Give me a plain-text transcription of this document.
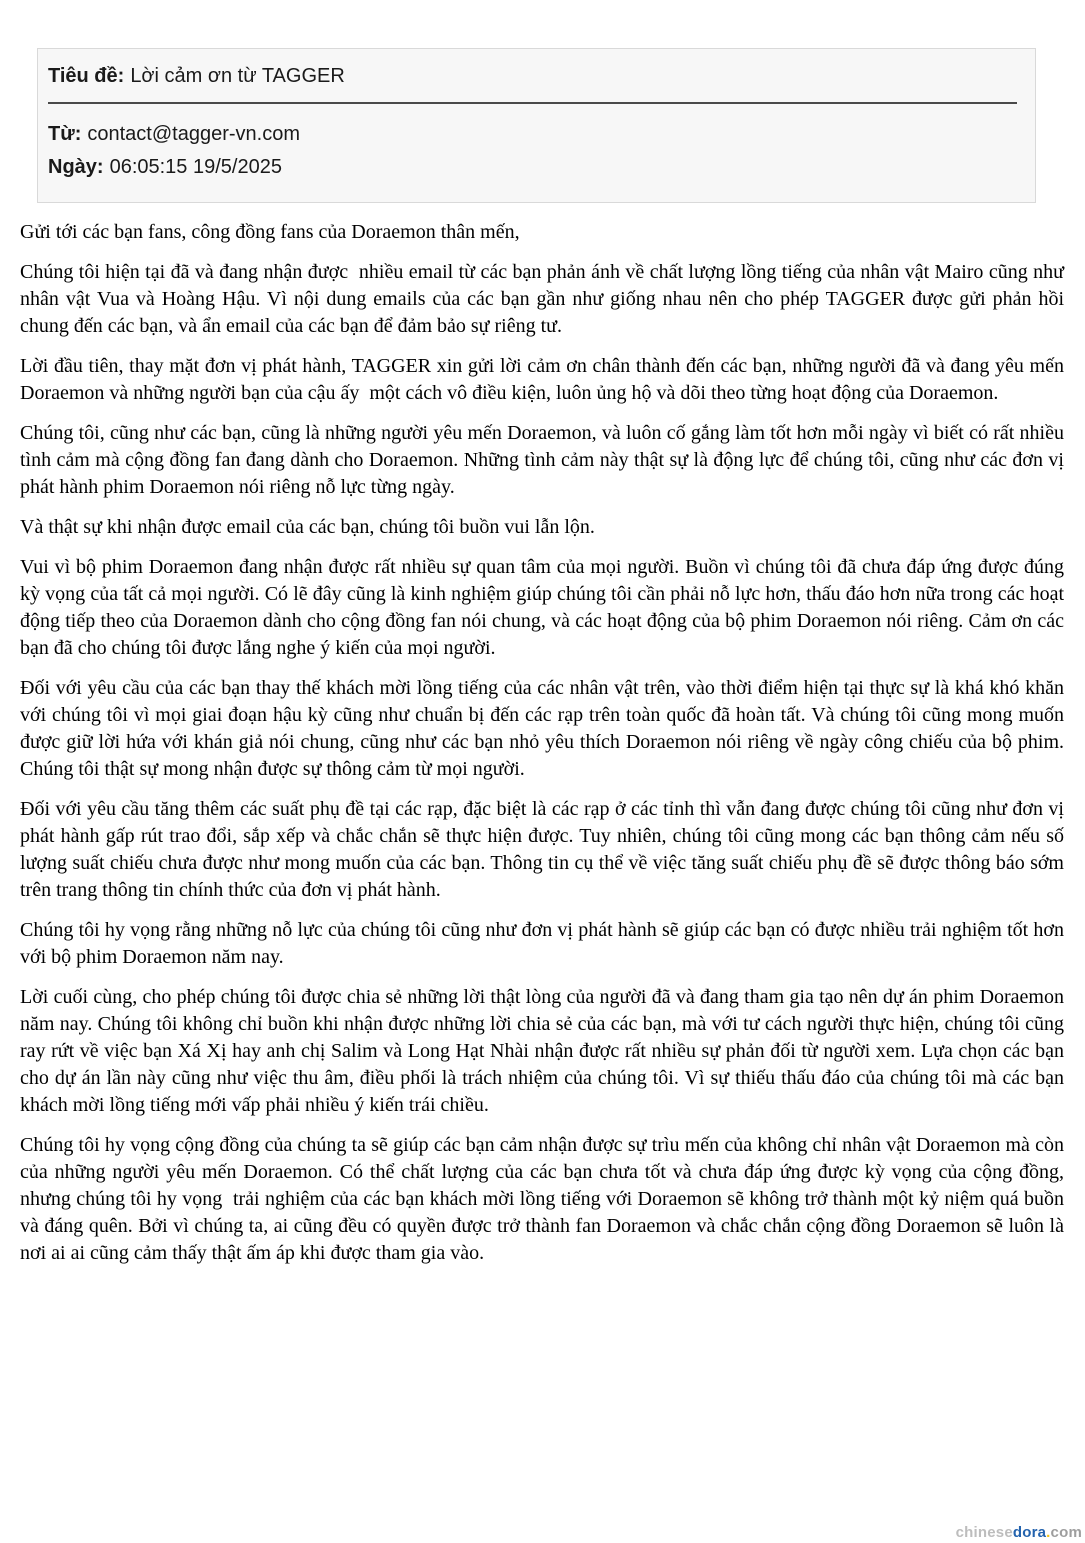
Tiêu đề: Lời cảm ơn từ TAGGER
Từ: contact@tagger-vn.com
Ngày: 06:05:15 19/5/2025

Gửi tới các bạn fans, công đồng fans của Doraemon thân mến,

Chúng tôi hiện tại đã và đang nhận được  nhiều email từ các bạn phản ánh về chất lượng lồng tiếng của nhân vật Mairo cũng như nhân vật Vua và Hoàng Hậu. Vì nội dung emails của các bạn gần như giống nhau nên cho phép TAGGER được gửi phản hồi chung đến các bạn, và ẩn email của các bạn để đảm bảo sự riêng tư.

Lời đầu tiên, thay mặt đơn vị phát hành, TAGGER xin gửi lời cảm ơn chân thành đến các bạn, những người đã và đang yêu mến Doraemon và những người bạn của cậu ấy  một cách vô điều kiện, luôn ủng hộ và dõi theo từng hoạt động của Doraemon.

Chúng tôi, cũng như các bạn, cũng là những người yêu mến Doraemon, và luôn cố gắng làm tốt hơn mỗi ngày vì biết có rất nhiều tình cảm mà cộng đồng fan đang dành cho Doraemon. Những tình cảm này thật sự là động lực để chúng tôi, cũng như các đơn vị  phát hành phim Doraemon nói riêng nỗ lực từng ngày.

Và thật sự khi nhận được email của các bạn, chúng tôi buồn vui lẫn lộn.

Vui vì bộ phim Doraemon đang nhận được rất nhiều sự quan tâm của mọi người. Buồn vì chúng tôi đã chưa đáp ứng được đúng kỳ vọng của tất cả mọi người. Có lẽ đây cũng là kinh nghiệm giúp chúng tôi cần phải nỗ lực hơn, thấu đáo hơn nữa trong các hoạt động tiếp theo của Doraemon dành cho cộng đồng fan nói chung, và các hoạt động của bộ phim Doraemon nói riêng. Cảm ơn các bạn đã cho chúng tôi được lắng nghe ý kiến của mọi người.

Đối với yêu cầu của các bạn thay thế khách mời lồng tiếng của các nhân vật trên, vào thời điểm hiện tại thực sự là khá khó khăn với chúng tôi vì mọi giai đoạn hậu kỳ cũng như chuẩn bị đến các rạp trên toàn quốc đã hoàn tất. Và chúng tôi cũng mong muốn được giữ lời hứa với khán giả nói chung, cũng như các bạn nhỏ yêu thích Doraemon nói riêng về ngày công chiếu của bộ phim. Chúng tôi thật sự mong nhận được sự thông cảm từ mọi người.

Đối với yêu cầu tăng thêm các suất phụ đề tại các rạp, đặc biệt là các rạp ở các tỉnh thì vẫn đang được chúng tôi cũng như đơn vị phát hành gấp rút trao đổi, sắp xếp và chắc chắn sẽ thực hiện được. Tuy nhiên, chúng tôi cũng mong các bạn thông cảm nếu số lượng suất chiếu chưa được như mong muốn của các bạn. Thông tin cụ thể về việc tăng suất chiếu phụ đề sẽ được thông báo sớm trên trang thông tin chính thức của đơn vị phát hành.

Chúng tôi hy vọng rằng những nỗ lực của chúng tôi cũng như đơn vị phát hành sẽ giúp các bạn có được nhiều trải nghiệm tốt hơn với bộ phim Doraemon năm nay.

Lời cuối cùng, cho phép chúng tôi được chia sẻ những lời thật lòng của người đã và đang tham gia tạo nên dự án phim Doraemon năm nay. Chúng tôi không chỉ buồn khi nhận được những lời chia sẻ của các bạn, mà với tư cách người thực hiện, chúng tôi cũng ray rứt về việc bạn Xá Xị hay anh chị Salim và Long Hạt Nhài nhận được rất nhiều sự phản đối từ người xem. Lựa chọn các bạn cho dự án lần này cũng như việc thu âm, điều phối là trách nhiệm của chúng tôi. Vì sự thiếu thấu đáo của chúng tôi mà các bạn khách mời lồng tiếng mới vấp phải nhiều ý kiến trái chiều.

Chúng tôi hy vọng cộng đồng của chúng ta sẽ giúp các bạn cảm nhận được sự trìu mến của không chỉ nhân vật Doraemon mà còn của những người yêu mến Doraemon. Có thể chất lượng của các bạn chưa tốt và chưa đáp ứng được kỳ vọng của cộng đồng, nhưng chúng tôi hy vọng  trải nghiệm của các bạn khách mời lồng tiếng với Doraemon sẽ không trở thành một kỷ niệm quá buồn và đáng quên. Bởi vì chúng ta, ai cũng đều có quyền được trở thành fan Doraemon và chắc chắn cộng đồng Doraemon sẽ luôn là nơi ai ai cũng cảm thấy thật ấm áp khi được tham gia vào.

chinesedora.com
